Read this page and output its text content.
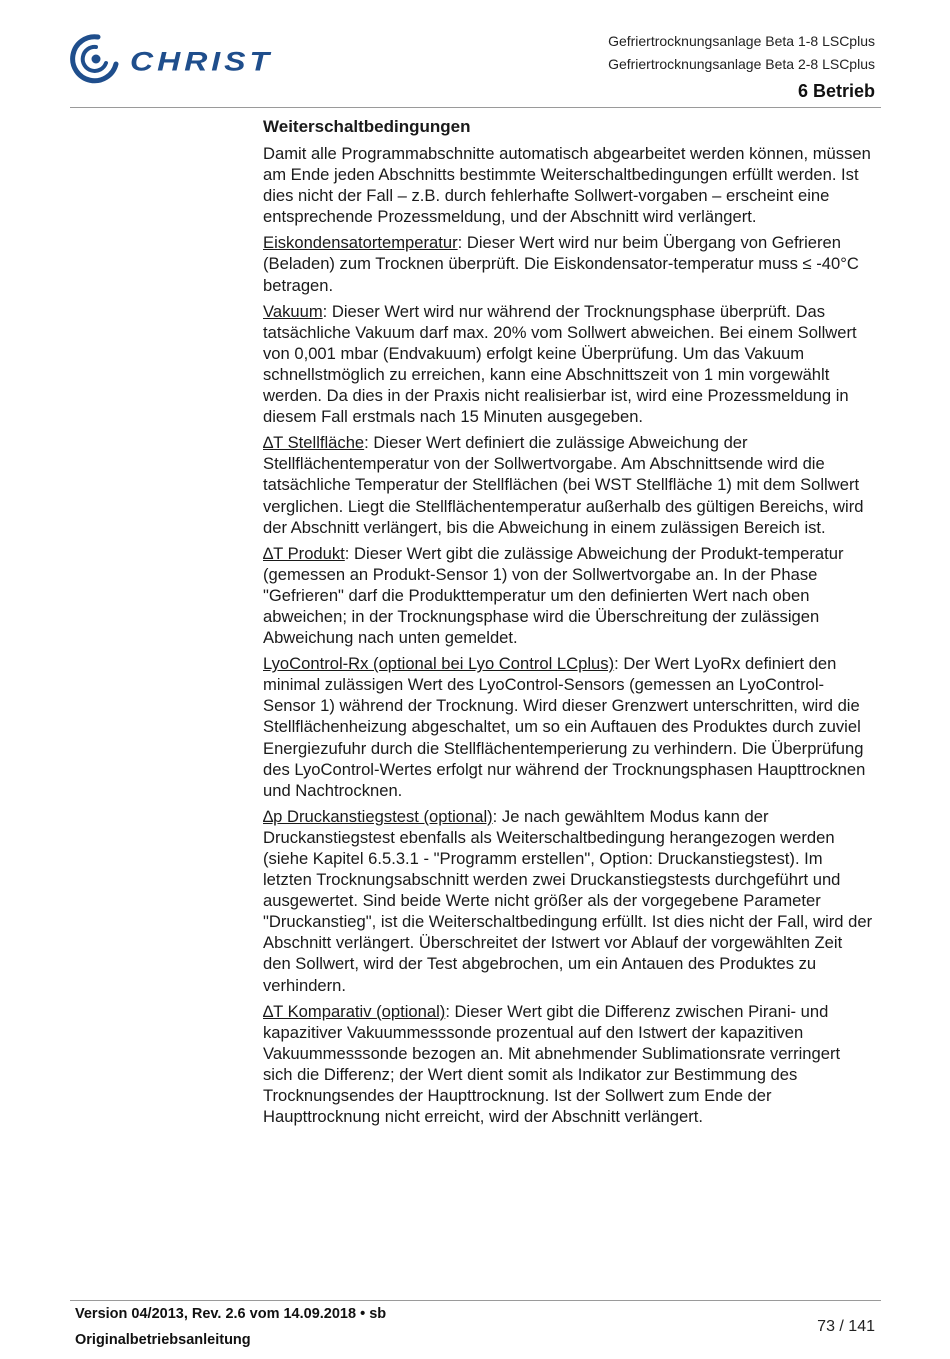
CHRIST
Gefriertrocknungsanlage Beta 1-8 LSCplus
Gefriertrocknungsanlage Beta 2-8 LSCplus
6 Betrieb
Weiterschaltbedingungen

Damit alle Programmabschnitte automatisch abgearbeitet werden können, müssen am Ende jeden Abschnitts bestimmte Weiterschaltbedingungen erfüllt werden. Ist dies nicht der Fall – z.B. durch fehlerhafte Sollwert-vorgaben – erscheint eine entsprechende Prozessmeldung, und der Abschnitt wird verlängert.

Eiskondensatortemperatur: Dieser Wert wird nur beim Übergang von Gefrieren (Beladen) zum Trocknen überprüft. Die Eiskondensator-temperatur muss ≤ -40°C betragen.

Vakuum: Dieser Wert wird nur während der Trocknungsphase überprüft. Das tatsächliche Vakuum darf max. 20% vom Sollwert abweichen. Bei einem Sollwert von 0,001 mbar (Endvakuum) erfolgt keine Überprüfung. Um das Vakuum schnellstmöglich zu erreichen, kann eine Abschnittszeit von 1 min vorgewählt werden. Da dies in der Praxis nicht realisierbar ist, wird eine Prozessmeldung in diesem Fall erstmals nach 15 Minuten ausgegeben.

∆T Stellfläche: Dieser Wert definiert die zulässige Abweichung der Stellflächentemperatur von der Sollwertvorgabe. Am Abschnittsende wird die tatsächliche Temperatur der Stellflächen (bei WST Stellfläche 1) mit dem Sollwert verglichen. Liegt die Stellflächentemperatur außerhalb des gültigen Bereichs, wird der Abschnitt verlängert, bis die Abweichung in einem zulässigen Bereich ist.

∆T Produkt: Dieser Wert gibt die zulässige Abweichung der Produkt-temperatur (gemessen an Produkt-Sensor 1) von der Sollwertvorgabe an. In der Phase "Gefrieren" darf die Produkttemperatur um den definierten Wert nach oben abweichen; in der Trocknungsphase wird die Überschreitung der zulässigen Abweichung nach unten gemeldet.

LyoControl-Rx (optional bei Lyo Control LCplus): Der Wert LyoRx definiert den minimal zulässigen Wert des LyoControl-Sensors (gemessen an LyoControl-Sensor 1) während der Trocknung. Wird dieser Grenzwert unterschritten, wird die Stellflächenheizung abgeschaltet, um so ein Auftauen des Produktes durch zuviel Energiezufuhr durch die Stellflächentemperierung zu verhindern. Die Überprüfung des LyoControl-Wertes erfolgt nur während der Trocknungsphasen Haupttrocknen und Nachtrocknen.

∆p Druckanstiegstest (optional): Je nach gewähltem Modus kann der Druckanstiegstest ebenfalls als Weiterschaltbedingung herangezogen werden (siehe Kapitel 6.5.3.1 - "Programm erstellen", Option: Druckanstiegstest). Im letzten Trocknungsabschnitt werden zwei Druckanstiegstests durchgeführt und ausgewertet. Sind beide Werte nicht größer als der vorgegebene Parameter "Druckanstieg", ist die Weiterschaltbedingung erfüllt. Ist dies nicht der Fall, wird der Abschnitt verlängert. Überschreitet der Istwert vor Ablauf der vorgewählten Zeit den Sollwert, wird der Test abgebrochen, um ein Antauen des Produktes zu verhindern.

∆T Komparativ (optional): Dieser Wert gibt die Differenz zwischen Pirani- und kapazitiver Vakuummesssonde prozentual auf den Istwert der kapazitiven Vakuummesssonde bezogen an. Mit abnehmender Sublimationsrate verringert sich die Differenz; der Wert dient somit als Indikator zur Bestimmung des Trocknungsendes der Haupttrocknung. Ist der Sollwert zum Ende der Haupttrocknung nicht erreicht, wird der Abschnitt verlängert.

Version 04/2013, Rev. 2.6 vom 14.09.2018 • sb
Originalbetriebsanleitung
73 / 141
